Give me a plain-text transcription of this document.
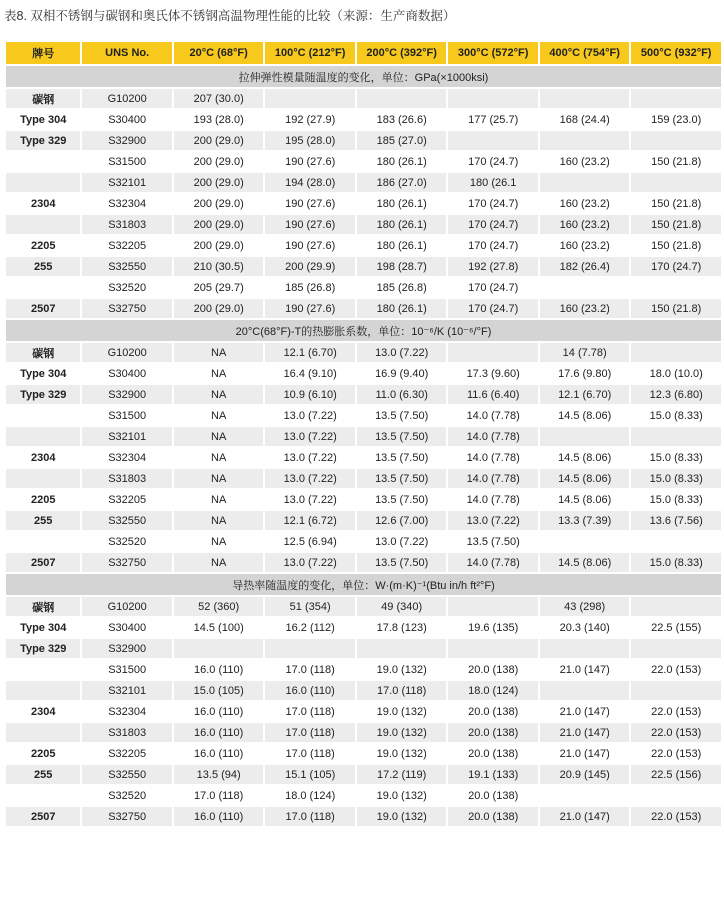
表8. 双相不锈钢与碳钢和奥氏体不锈钢高温物理性能的比较（来源：生产商数据）
牌号	UNS No.	20°C (68°F)	100°C (212°F)	200°C (392°F)	300°C (572°F)	400°C (754°F)	500°C (932°F)
拉伸弹性模量随温度的变化，单位：GPa(×1000ksi)							
碳钢	G10200	207 (30.0)					
Type 304	S30400	193 (28.0)	192 (27.9)	183 (26.6)	177 (25.7)	168 (24.4)	159 (23.0)
Type 329	S32900	200 (29.0)	195 (28.0)	185 (27.0)			
	S31500	200 (29.0)	190 (27.6)	180 (26.1)	170 (24.7)	160 (23.2)	150 (21.8)
	S32101	200 (29.0)	194 (28.0)	186 (27.0)	180 (26.1		
2304	S32304	200 (29.0)	190 (27.6)	180 (26.1)	170 (24.7)	160 (23.2)	150 (21.8)
	S31803	200 (29.0)	190 (27.6)	180 (26.1)	170 (24.7)	160 (23.2)	150 (21.8)
2205	S32205	200 (29.0)	190 (27.6)	180 (26.1)	170 (24.7)	160 (23.2)	150 (21.8)
255	S32550	210 (30.5)	200 (29.9)	198 (28.7)	192 (27.8)	182 (26.4)	170 (24.7)
	S32520	205 (29.7)	185 (26.8)	185 (26.8)	170 (24.7)		
2507	S32750	200 (29.0)	190 (27.6)	180 (26.1)	170 (24.7)	160 (23.2)	150 (21.8)
20°C(68°F)-T的热膨胀系数，单位：10⁻⁶/K (10⁻⁶/°F)							
碳钢	G10200	NA	12.1 (6.70)	13.0 (7.22)		14 (7.78)	
Type 304	S30400	NA	16.4 (9.10)	16.9 (9.40)	17.3 (9.60)	17.6 (9.80)	18.0 (10.0)
Type 329	S32900	NA	10.9 (6.10)	11.0 (6.30)	11.6 (6.40)	12.1 (6.70)	12.3 (6.80)
	S31500	NA	13.0 (7.22)	13.5 (7.50)	14.0 (7.78)	14.5 (8.06)	15.0 (8.33)
	S32101	NA	13.0 (7.22)	13.5 (7.50)	14.0 (7.78)		
2304	S32304	NA	13.0 (7.22)	13.5 (7.50)	14.0 (7.78)	14.5 (8.06)	15.0 (8.33)
	S31803	NA	13.0 (7.22)	13.5 (7.50)	14.0 (7.78)	14.5 (8.06)	15.0 (8.33)
2205	S32205	NA	13.0 (7.22)	13.5 (7.50)	14.0 (7.78)	14.5 (8.06)	15.0 (8.33)
255	S32550	NA	12.1 (6.72)	12.6 (7.00)	13.0 (7.22)	13.3 (7.39)	13.6 (7.56)
	S32520	NA	12.5 (6.94)	13.0 (7.22)	13.5 (7.50)		
2507	S32750	NA	13.0 (7.22)	13.5 (7.50)	14.0 (7.78)	14.5 (8.06)	15.0 (8.33)
导热率随温度的变化，单位：W·(m·K)⁻¹(Btu in/h ft²°F)							
碳钢	G10200	52 (360)	51 (354)	49 (340)		43 (298)	
Type 304	S30400	14.5 (100)	16.2 (112)	17.8 (123)	19.6 (135)	20.3 (140)	22.5 (155)
Type 329	S32900						
	S31500	16.0 (110)	17.0 (118)	19.0 (132)	20.0 (138)	21.0 (147)	22.0 (153)
	S32101	15.0 (105)	16.0 (110)	17.0 (118)	18.0 (124)		
2304	S32304	16.0 (110)	17.0 (118)	19.0 (132)	20.0 (138)	21.0 (147)	22.0 (153)
	S31803	16.0 (110)	17.0 (118)	19.0 (132)	20.0 (138)	21.0 (147)	22.0 (153)
2205	S32205	16.0 (110)	17.0 (118)	19.0 (132)	20.0 (138)	21.0 (147)	22.0 (153)
255	S32550	13.5 (94)	15.1 (105)	17.2 (119)	19.1 (133)	20.9 (145)	22.5 (156)
	S32520	17.0 (118)	18.0 (124)	19.0 (132)	20.0 (138)		
2507	S32750	16.0 (110)	17.0 (118)	19.0 (132)	20.0 (138)	21.0 (147)	22.0 (153)
